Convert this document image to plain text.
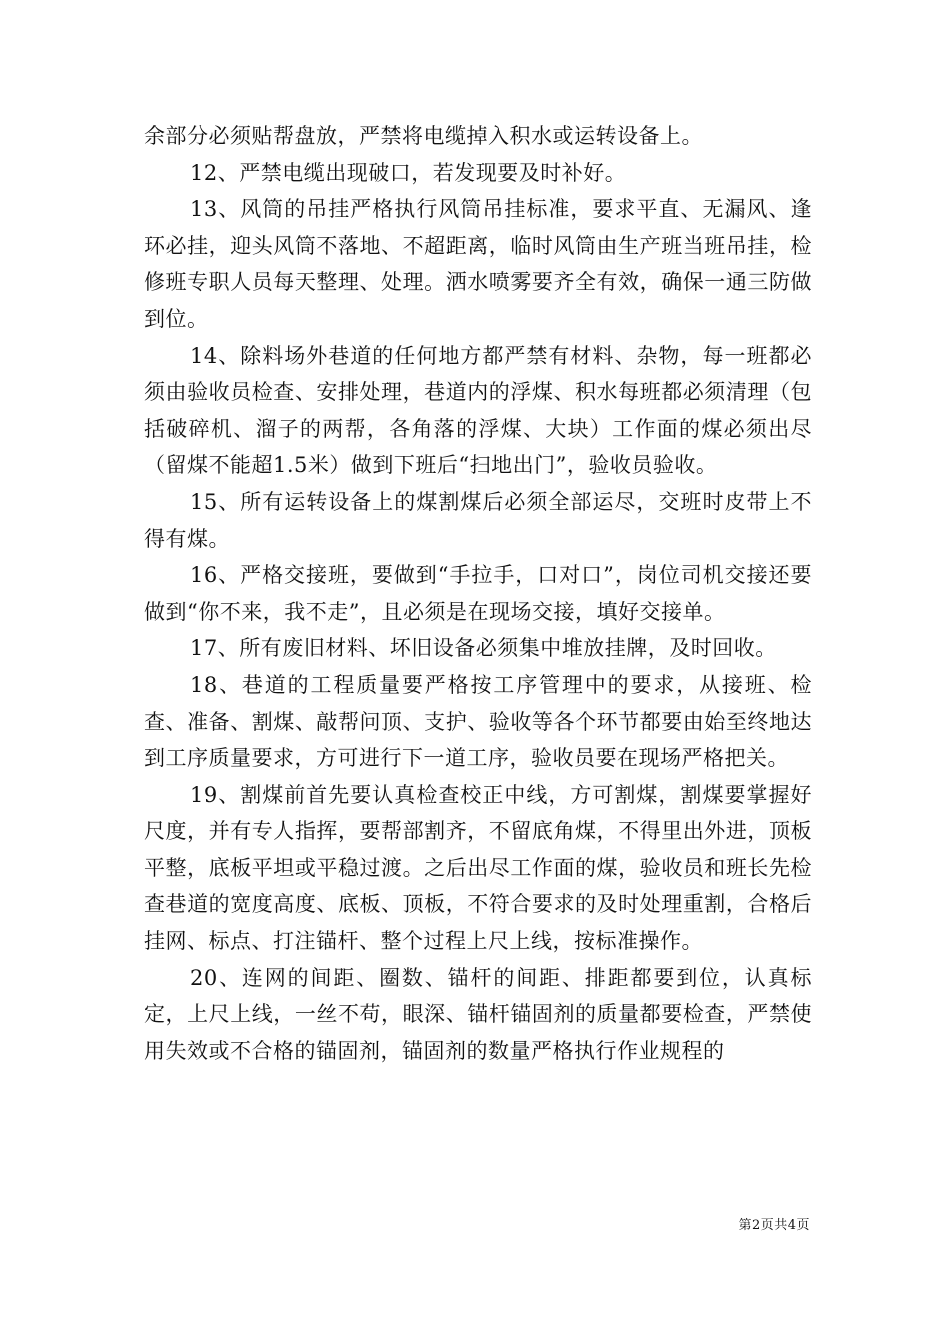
余部分必须贴帮盘放，严禁将电缆掉入积水或运转设备上。

12、严禁电缆出现破口，若发现要及时补好。

13、风筒的吊挂严格执行风筒吊挂标准，要求平直、无漏风、逢环必挂，迎头风筒不落地、不超距离，临时风筒由生产班当班吊挂，检修班专职人员每天整理、处理。洒水喷雾要齐全有效，确保一通三防做到位。

14、除料场外巷道的任何地方都严禁有材料、杂物，每一班都必须由验收员检查、安排处理，巷道内的浮煤、积水每班都必须清理（包括破碎机、溜子的两帮，各角落的浮煤、大块）工作面的煤必须出尽（留煤不能超1.5米）做到下班后“扫地出门”，验收员验收。

15、所有运转设备上的煤割煤后必须全部运尽，交班时皮带上不得有煤。

16、严格交接班，要做到“手拉手，口对口”，岗位司机交接还要做到“你不来，我不走”，且必须是在现场交接，填好交接单。

17、所有废旧材料、坏旧设备必须集中堆放挂牌，及时回收。

18、巷道的工程质量要严格按工序管理中的要求，从接班、检查、准备、割煤、敲帮问顶、支护、验收等各个环节都要由始至终地达到工序质量要求，方可进行下一道工序，验收员要在现场严格把关。

19、割煤前首先要认真检查校正中线，方可割煤，割煤要掌握好尺度，并有专人指挥，要帮部割齐，不留底角煤，不得里出外进，顶板平整，底板平坦或平稳过渡。之后出尽工作面的煤，验收员和班长先检查巷道的宽度高度、底板、顶板，不符合要求的及时处理重割，合格后挂网、标点、打注锚杆、整个过程上尺上线，按标准操作。

20、连网的间距、圈数、锚杆的间距、排距都要到位，认真标定，上尺上线，一丝不苟，眼深、锚杆锚固剂的质量都要检查，严禁使用失效或不合格的锚固剂，锚固剂的数量严格执行作业规程的

第2页共4页
